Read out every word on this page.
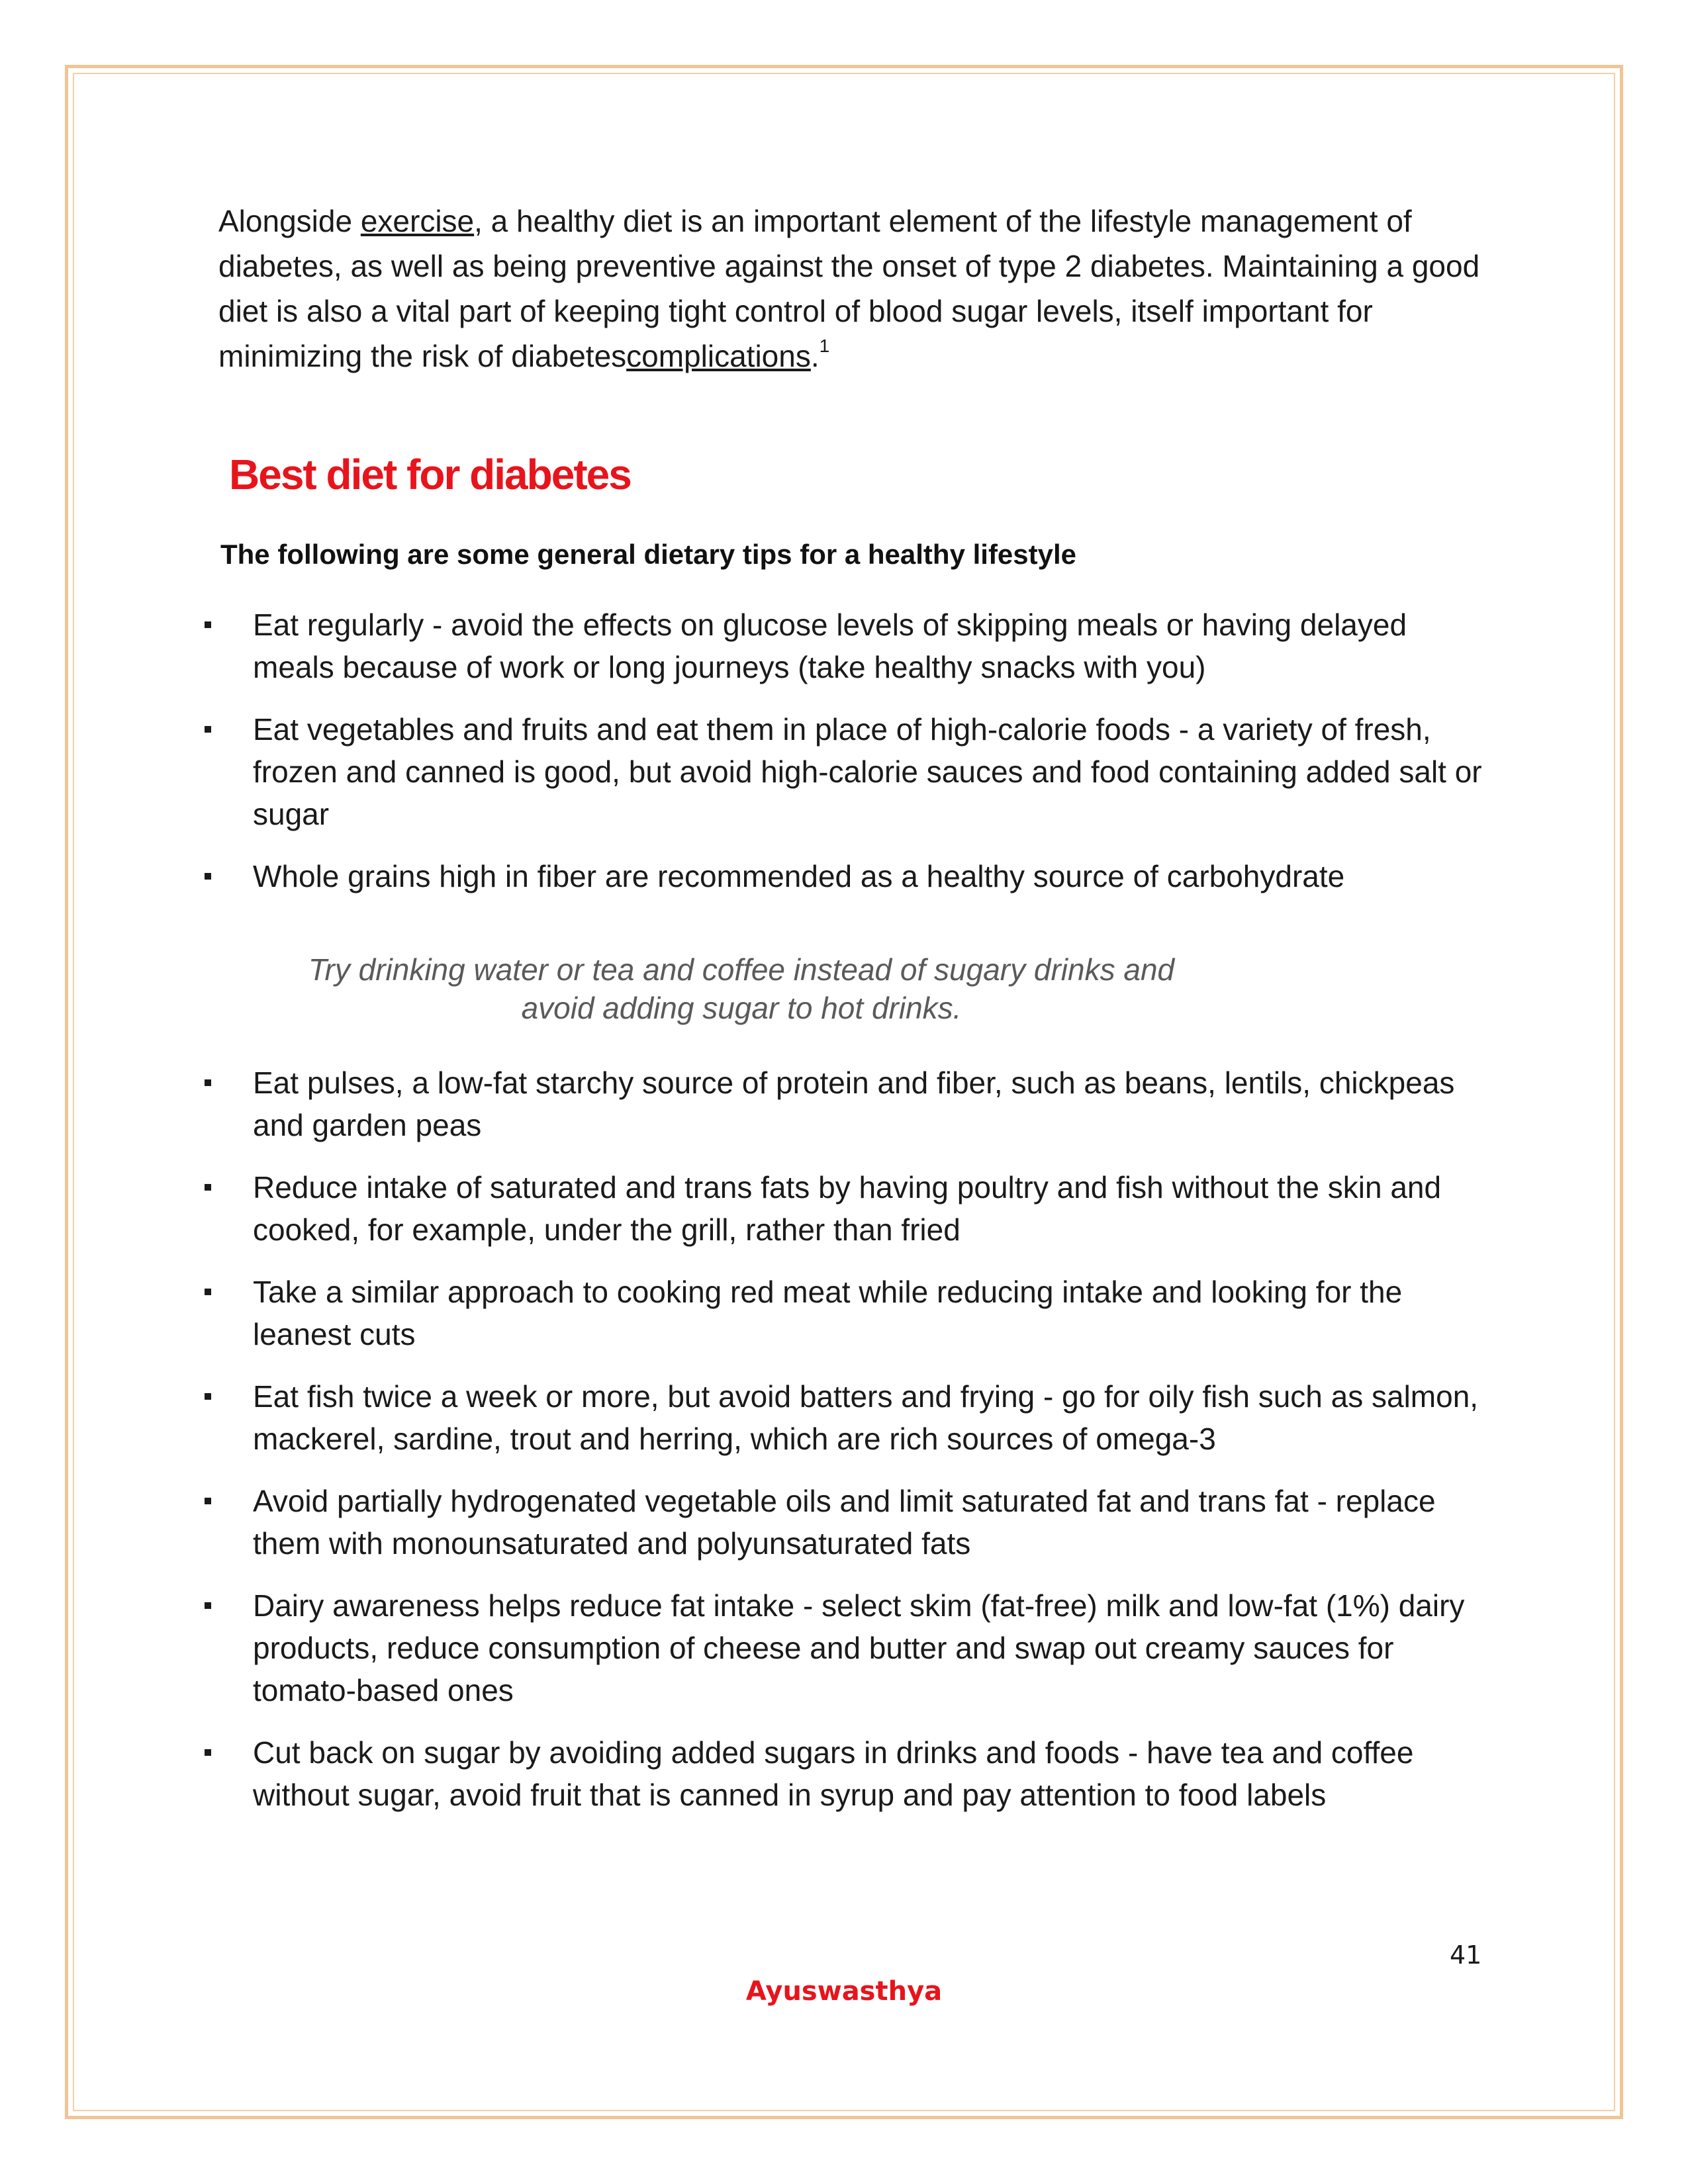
Alongside exercise, a healthy diet is an important element of the lifestyle management of diabetes, as well as being preventive against the onset of type 2 diabetes. Maintaining a good diet is also a vital part of keeping tight control of blood sugar levels, itself important for minimizing the risk of diabetescomplications.$^1$

Best diet for diabetes

The following are some general dietary tips for a healthy lifestyle

Eat regularly - avoid the effects on glucose levels of skipping meals or having delayed meals because of work or long journeys (take healthy snacks with you)
Eat vegetables and fruits and eat them in place of high-calorie foods - a variety of fresh, frozen and canned is good, but avoid high-calorie sauces and food containing added salt or sugar
Whole grains high in fiber are recommended as a healthy source of carbohydrate

Try drinking water or tea and coffee instead of sugary drinks and avoid adding sugar to hot drinks.

Eat pulses, a low-fat starchy source of protein and fiber, such as beans, lentils, chickpeas and garden peas
Reduce intake of saturated and trans fats by having poultry and fish without the skin and cooked, for example, under the grill, rather than fried
Take a similar approach to cooking red meat while reducing intake and looking for the leanest cuts
Eat fish twice a week or more, but avoid batters and frying - go for oily fish such as salmon, mackerel, sardine, trout and herring, which are rich sources of omega-3
Avoid partially hydrogenated vegetable oils and limit saturated fat and trans fat - replace them with monounsaturated and polyunsaturated fats
Dairy awareness helps reduce fat intake - select skim (fat-free) milk and low-fat (1%) dairy products, reduce consumption of cheese and butter and swap out creamy sauces for tomato-based ones
Cut back on sugar by avoiding added sugars in drinks and foods - have tea and coffee without sugar, avoid fruit that is canned in syrup and pay attention to food labels
41
Ayuswasthya
